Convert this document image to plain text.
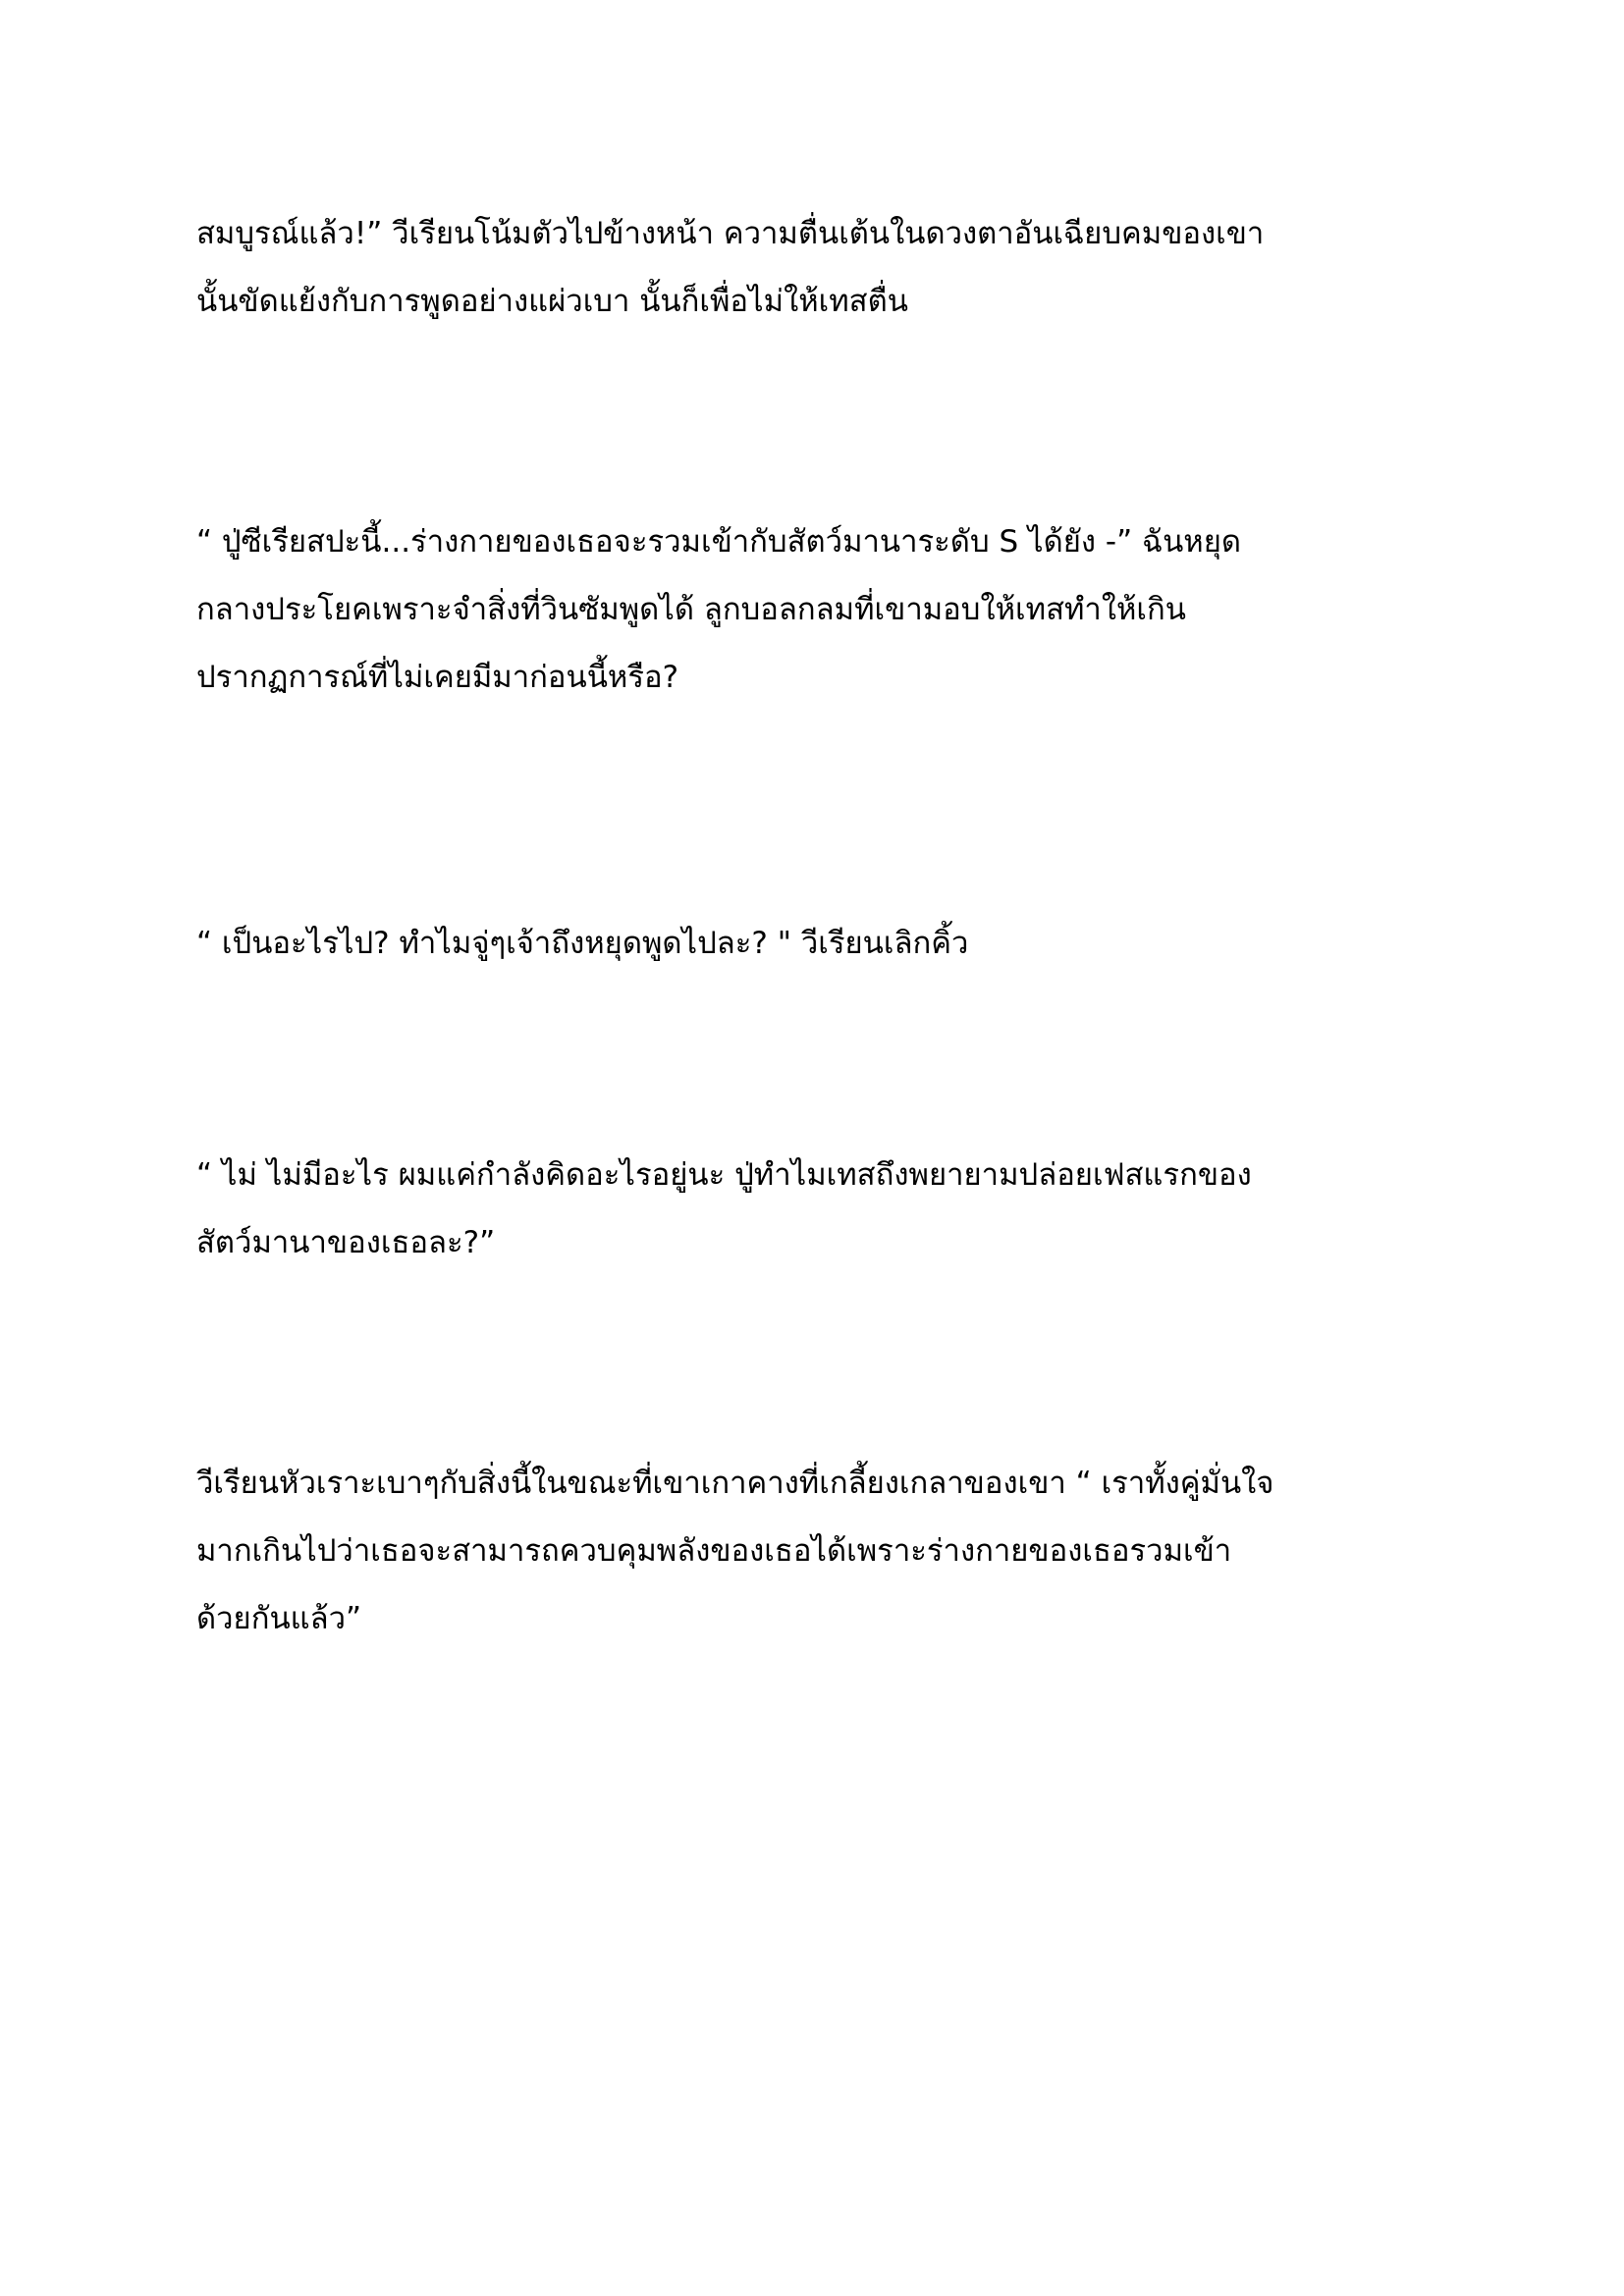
สมบูรณ์แล้ว!” วีเรียนโน้มตัวไปข้างหน้า ความตื่นเต้นในดวงตาอันเฉียบคมของเขา
นั้นขัดแย้งกับการพูดอย่างแผ่วเบา นั้นก็เพื่อไม่ให้เทสตื่น

“ ปู่ซีเรียสปะนี้...ร่างกายของเธอจะรวมเข้ากับสัตว์มานาระดับ S ได้ยัง -” ฉันหยุด
กลางประโยคเพราะจำสิ่งที่วินซัมพูดได้ ลูกบอลกลมที่เขามอบให้เทสทำให้เกิน
ปรากฏการณ์ที่ไม่เคยมีมาก่อนนี้หรือ?

“ เป็นอะไรไป? ทำไมจู่ๆเจ้าถึงหยุดพูดไปละ? " วีเรียนเลิกคิ้ว

“ ไม่ ไม่มีอะไร ผมแค่กำลังคิดอะไรอยู่นะ ปู่ทำไมเทสถึงพยายามปล่อยเฟสแรกของ
สัตว์มานาของเธอละ?”

วีเรียนหัวเราะเบาๆกับสิ่งนี้ในขณะที่เขาเกาคางที่เกลี้ยงเกลาของเขา “ เราทั้งคู่มั่นใจ
มากเกินไปว่าเธอจะสามารถควบคุมพลังของเธอได้เพราะร่างกายของเธอรวมเข้า
ด้วยกันแล้ว”
